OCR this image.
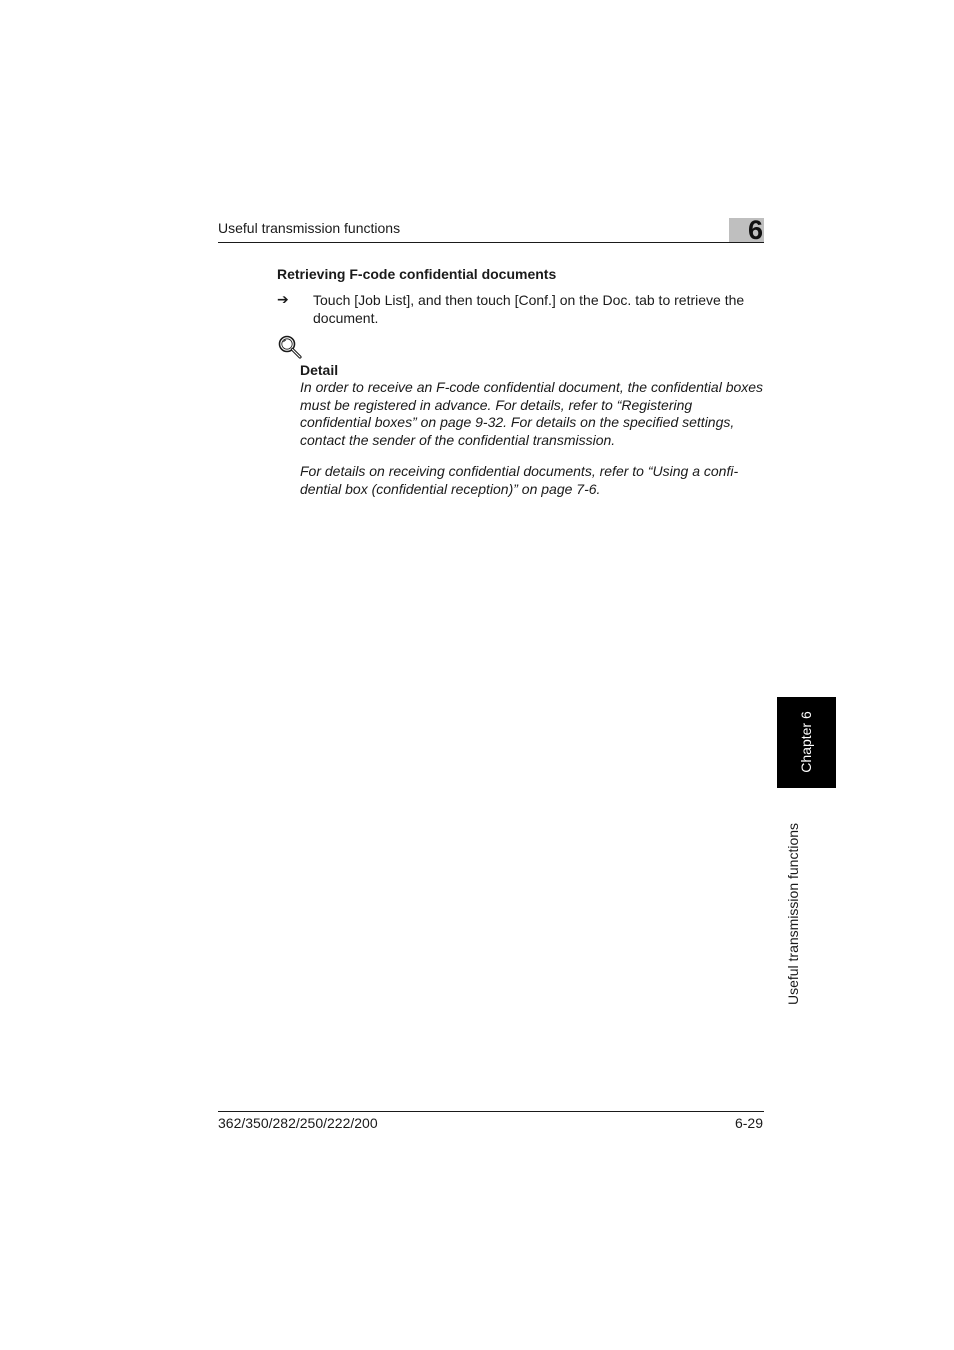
Useful transmission functions	6
Retrieving F-code confidential documents
➔ Touch [Job List], and then touch [Conf.] on the Doc. tab to retrieve the document.
Detail

In order to receive an F-code confidential document, the confidential boxes must be registered in advance. For details, refer to “Registering confidential boxes” on page 9-32. For details on the specified settings, contact the sender of the confidential transmission.

For details on receiving confidential documents, refer to “Using a confi-dential box (confidential reception)” on page 7-6.

Chapter 6
Useful transmission functions
362/350/282/250/222/200	6-29
